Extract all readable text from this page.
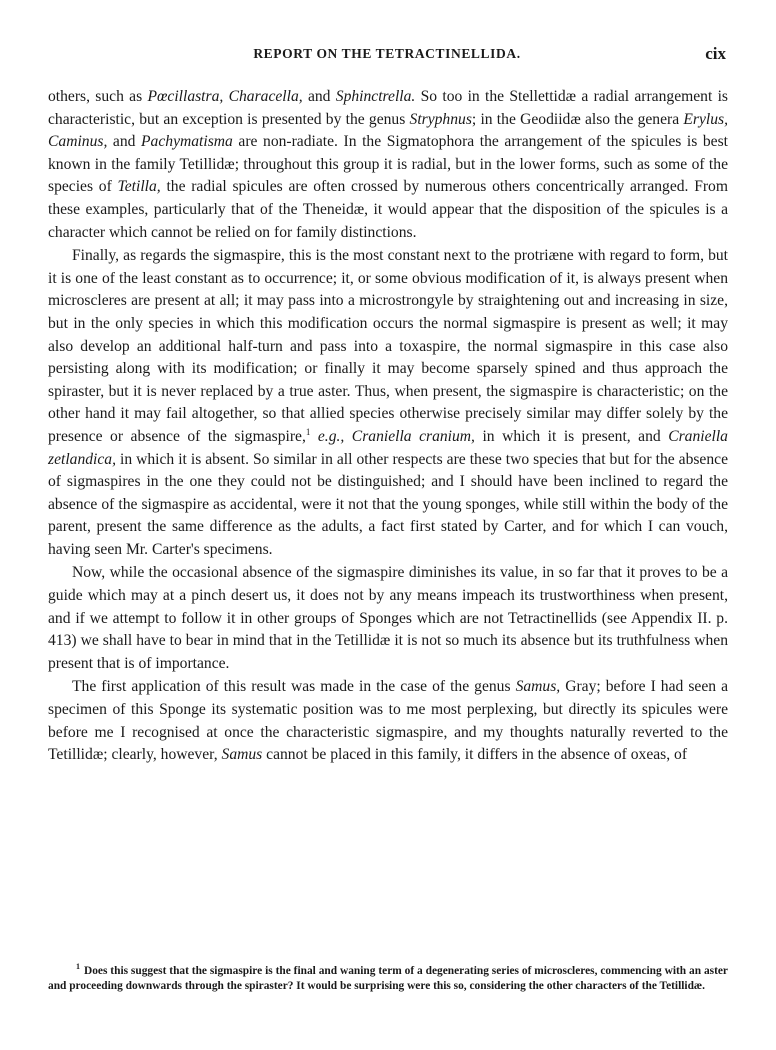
REPORT ON THE TETRACTINELLIDA.	cix

others, such as Pœcillastra, Characella, and Sphinctrella. So too in the Stellettidæ a radial arrangement is characteristic, but an exception is presented by the genus Stryphnus; in the Geodiidæ also the genera Erylus, Caminus, and Pachymatisma are non-radiate. In the Sigmatophora the arrangement of the spicules is best known in the family Tetillidæ; throughout this group it is radial, but in the lower forms, such as some of the species of Tetilla, the radial spicules are often crossed by numerous others concentrically arranged. From these examples, particularly that of the Theneidæ, it would appear that the disposition of the spicules is a character which cannot be relied on for family distinctions.

Finally, as regards the sigmaspire, this is the most constant next to the protriæne with regard to form, but it is one of the least constant as to occurrence; it, or some obvious modification of it, is always present when microscleres are present at all; it may pass into a microstrongyle by straightening out and increasing in size, but in the only species in which this modification occurs the normal sigmaspire is present as well; it may also develop an additional half-turn and pass into a toxaspire, the normal sigmaspire in this case also persisting along with its modification; or finally it may become sparsely spined and thus approach the spiraster, but it is never replaced by a true aster. Thus, when present, the sigmaspire is characteristic; on the other hand it may fail altogether, so that allied species otherwise precisely similar may differ solely by the presence or absence of the sigmaspire,$^1$ e.g., Craniella cranium, in which it is present, and Craniella zetlandica, in which it is absent. So similar in all other respects are these two species that but for the absence of sigmaspires in the one they could not be distinguished; and I should have been inclined to regard the absence of the sigmaspire as accidental, were it not that the young sponges, while still within the body of the parent, present the same difference as the adults, a fact first stated by Carter, and for which I can vouch, having seen Mr. Carter's specimens.

Now, while the occasional absence of the sigmaspire diminishes its value, in so far that it proves to be a guide which may at a pinch desert us, it does not by any means impeach its trustworthiness when present, and if we attempt to follow it in other groups of Sponges which are not Tetractinellids (see Appendix II. p. 413) we shall have to bear in mind that in the Tetillidæ it is not so much its absence but its truthfulness when present that is of importance.

The first application of this result was made in the case of the genus Samus, Gray; before I had seen a specimen of this Sponge its systematic position was to me most perplexing, but directly its spicules were before me I recognised at once the characteristic sigmaspire, and my thoughts naturally reverted to the Tetillidæ; clearly, however, Samus cannot be placed in this family, it differs in the absence of oxeas, of

$^1$ Does this suggest that the sigmaspire is the final and waning term of a degenerating series of microscleres, commencing with an aster and proceeding downwards through the spiraster? It would be surprising were this so, considering the other characters of the Tetillidæ.
